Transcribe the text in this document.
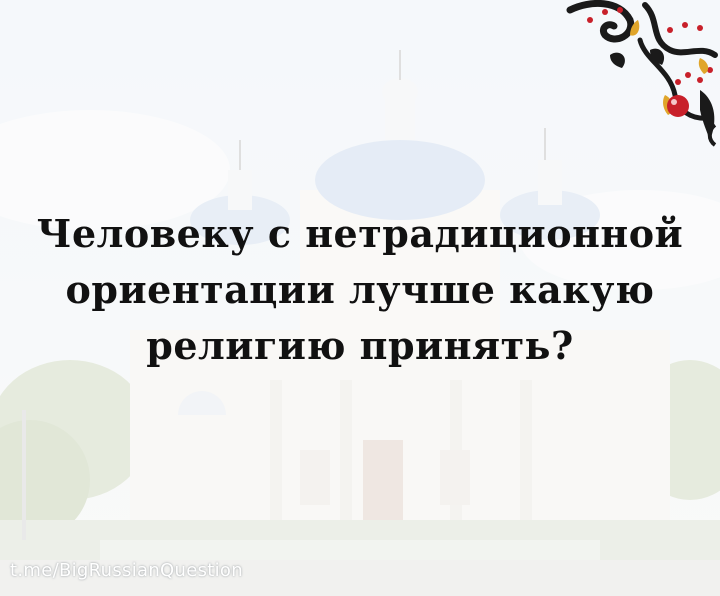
Человеку с нетрадиционной
ориентации лучше какую
религию принять?
t.me/BigRussianQuestion
